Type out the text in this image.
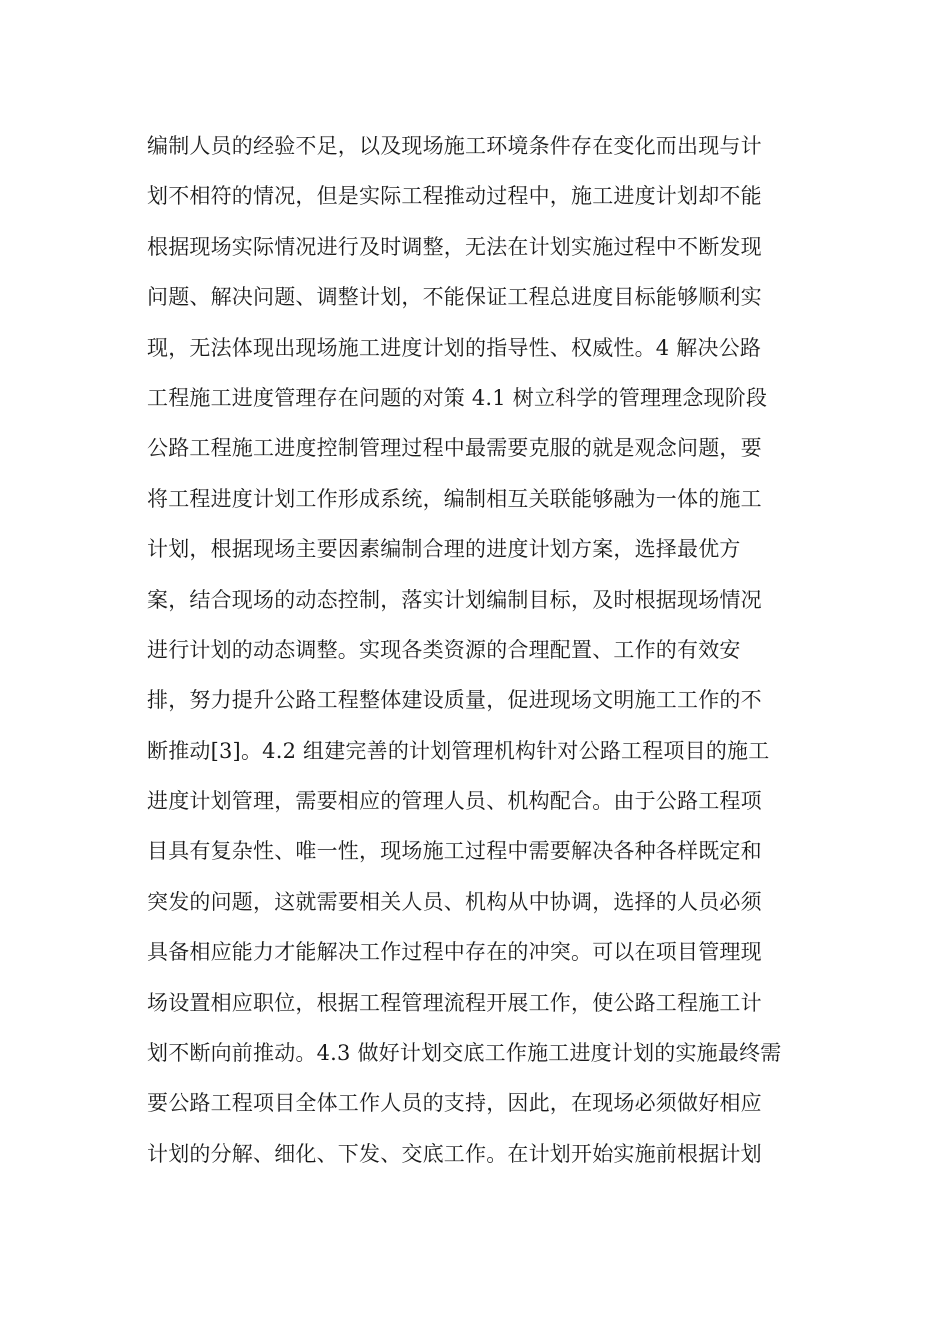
编制人员的经验不足，以及现场施工环境条件存在变化而出现与计
划不相符的情况，但是实际工程推动过程中，施工进度计划却不能
根据现场实际情况进行及时调整，无法在计划实施过程中不断发现
问题、解决问题、调整计划，不能保证工程总进度目标能够顺利实
现，无法体现出现场施工进度计划的指导性、权威性。4 解决公路
工程施工进度管理存在问题的对策 4.1 树立科学的管理理念现阶段
公路工程施工进度控制管理过程中最需要克服的就是观念问题，要
将工程进度计划工作形成系统，编制相互关联能够融为一体的施工
计划，根据现场主要因素编制合理的进度计划方案，选择最优方
案，结合现场的动态控制，落实计划编制目标，及时根据现场情况
进行计划的动态调整。实现各类资源的合理配置、工作的有效安
排，努力提升公路工程整体建设质量，促进现场文明施工工作的不
断推动[3]。4.2 组建完善的计划管理机构针对公路工程项目的施工
进度计划管理，需要相应的管理人员、机构配合。由于公路工程项
目具有复杂性、唯一性，现场施工过程中需要解决各种各样既定和
突发的问题，这就需要相关人员、机构从中协调，选择的人员必须
具备相应能力才能解决工作过程中存在的冲突。可以在项目管理现
场设置相应职位，根据工程管理流程开展工作，使公路工程施工计
划不断向前推动。4.3 做好计划交底工作施工进度计划的实施最终需
要公路工程项目全体工作人员的支持，因此，在现场必须做好相应
计划的分解、细化、下发、交底工作。在计划开始实施前根据计划
